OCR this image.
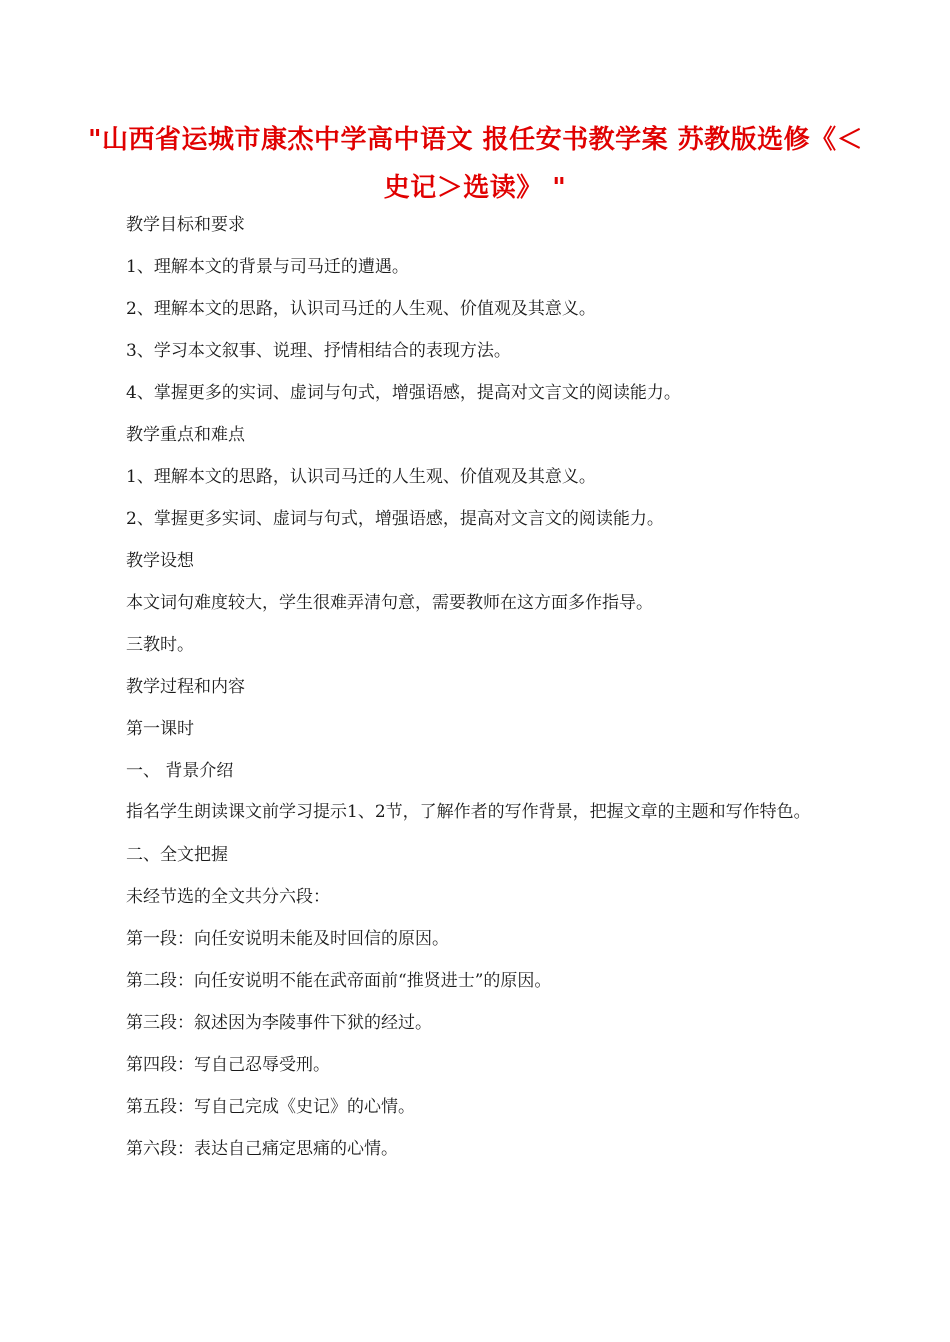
"山西省运城市康杰中学高中语文 报任安书教学案 苏教版选修《＜
史记＞选读》 "

教学目标和要求

1、理解本文的背景与司马迁的遭遇。

2、理解本文的思路，认识司马迁的人生观、价值观及其意义。

3、学习本文叙事、说理、抒情相结合的表现方法。

4、掌握更多的实词、虚词与句式，增强语感，提高对文言文的阅读能力。

教学重点和难点

1、理解本文的思路，认识司马迁的人生观、价值观及其意义。

2、掌握更多实词、虚词与句式，增强语感，提高对文言文的阅读能力。

教学设想

本文词句难度较大，学生很难弄清句意，需要教师在这方面多作指导。

三教时。

教学过程和内容

第一课时

一、 背景介绍

指名学生朗读课文前学习提示1、2节，了解作者的写作背景，把握文章的主题和写作特色。

二、全文把握

未经节选的全文共分六段：

第一段：向任安说明未能及时回信的原因。

第二段：向任安说明不能在武帝面前“推贤进士”的原因。

第三段：叙述因为李陵事件下狱的经过。

第四段：写自己忍辱受刑。

第五段：写自己完成《史记》的心情。

第六段：表达自己痛定思痛的心情。
